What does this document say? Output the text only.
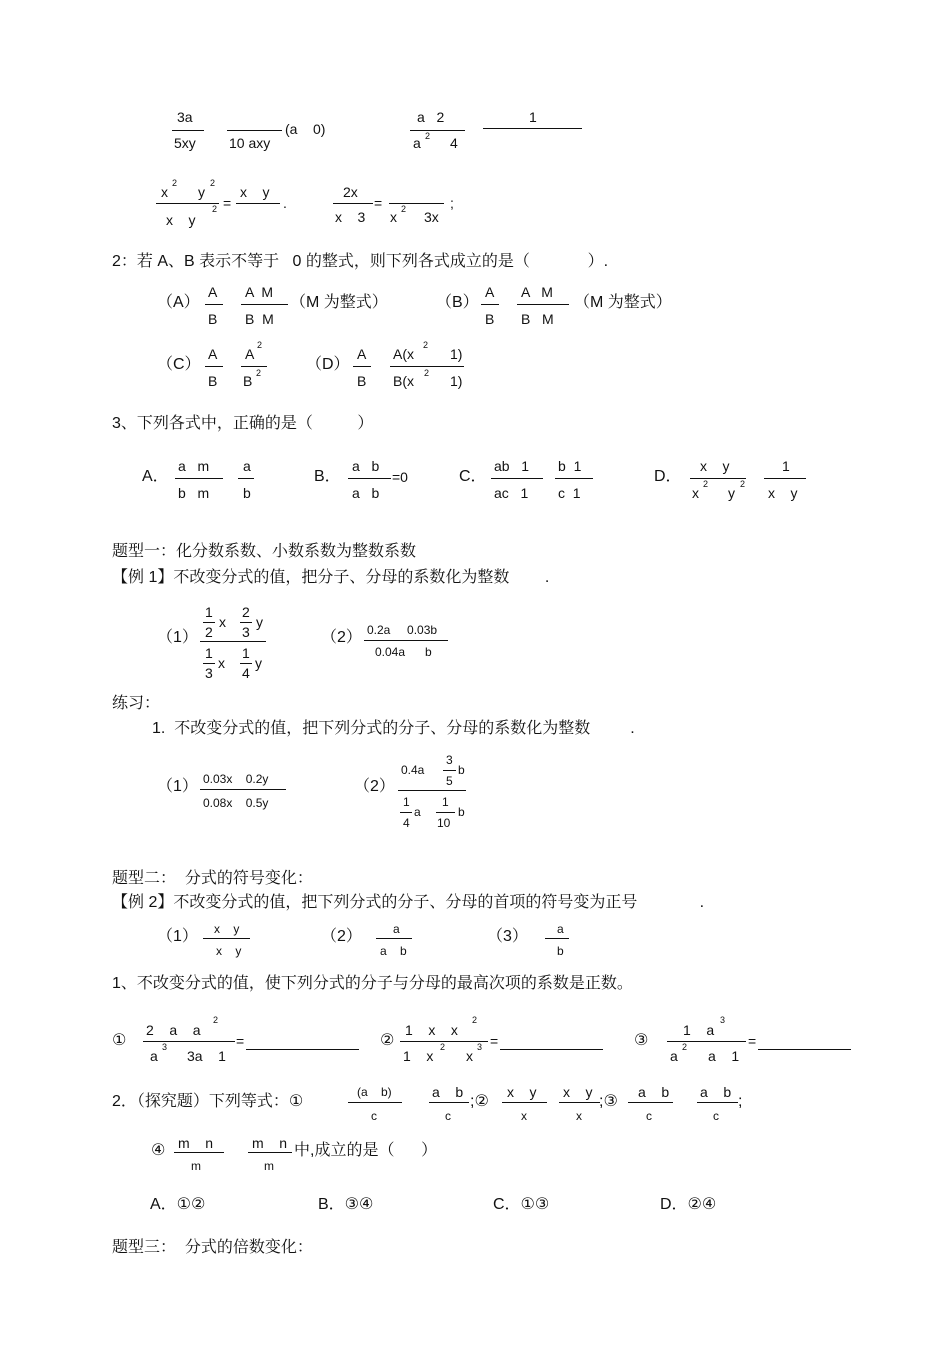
3a
5xy 10 axy
(a    0)
a   2
a 2 4
1
x
2
y
2
x    y
2 =
x    y
.
2x
x    3
=
x 2 3x
;
2：若 A、B 表示不等于   0 的整式，则下列各式成立的是（             ）.
（A）
A
B
A  M
B  M
（M 为整式）	（B）
A
B
A   M
B   M
（M 为整式）
（C）
A
B
A
2
B 2	（D）
A
B
A(x
2
1)
B(x 2 1)
3、下列各式中，正确的是（          ）
A．
a   m
b   m
a
b
B．
a   b
a   b
=0	C．
ab   1
ac   1
b  1
c  1
D．
x    y
x
2
y
2
1
x    y
题型一：化分数系数、小数系数为整数系数
【例 1】不改变分式的值，把分子、分母的系数化为整数        .
（1）
1
2
x
2
3
y
1
3
x
1
4
y
（2） 0.2a     0.03b
0.04a      b
练习：
1.  不改变分式的值，把下列分式的分子、分母的系数化为整数         .
（1） 0.03x    0.2y
0.08x    0.5y
（2）
0.4a
3
5
b
1
4
a
1
10
b
题型二：  分式的符号变化：
【例 2】不改变分式的值，把下列分式的分子、分母的首项的符号变为正号              .
（1） x    y
x    y
（2）	a
a    b
（3） a
b
1、不改变分式的值，使下列分式的分子与分母的最高次项的系数是正数。
①
2    a    a
2
a
3
3a    1
=	②
1    x    x
2
1    x
2
x
3 =	③
1    a
3
a
2
a    1
=
2．（探究题）下列等式：①
(a    b)
c
a    b
c
;②
x    y
x
x    y
x
;③
a    b
c
a    b
c
;
④ m    n
m
m    n
m
中,成立的是（      ）
A．①②	B．③④	C．①③	D．②④
题型三：  分式的倍数变化：
